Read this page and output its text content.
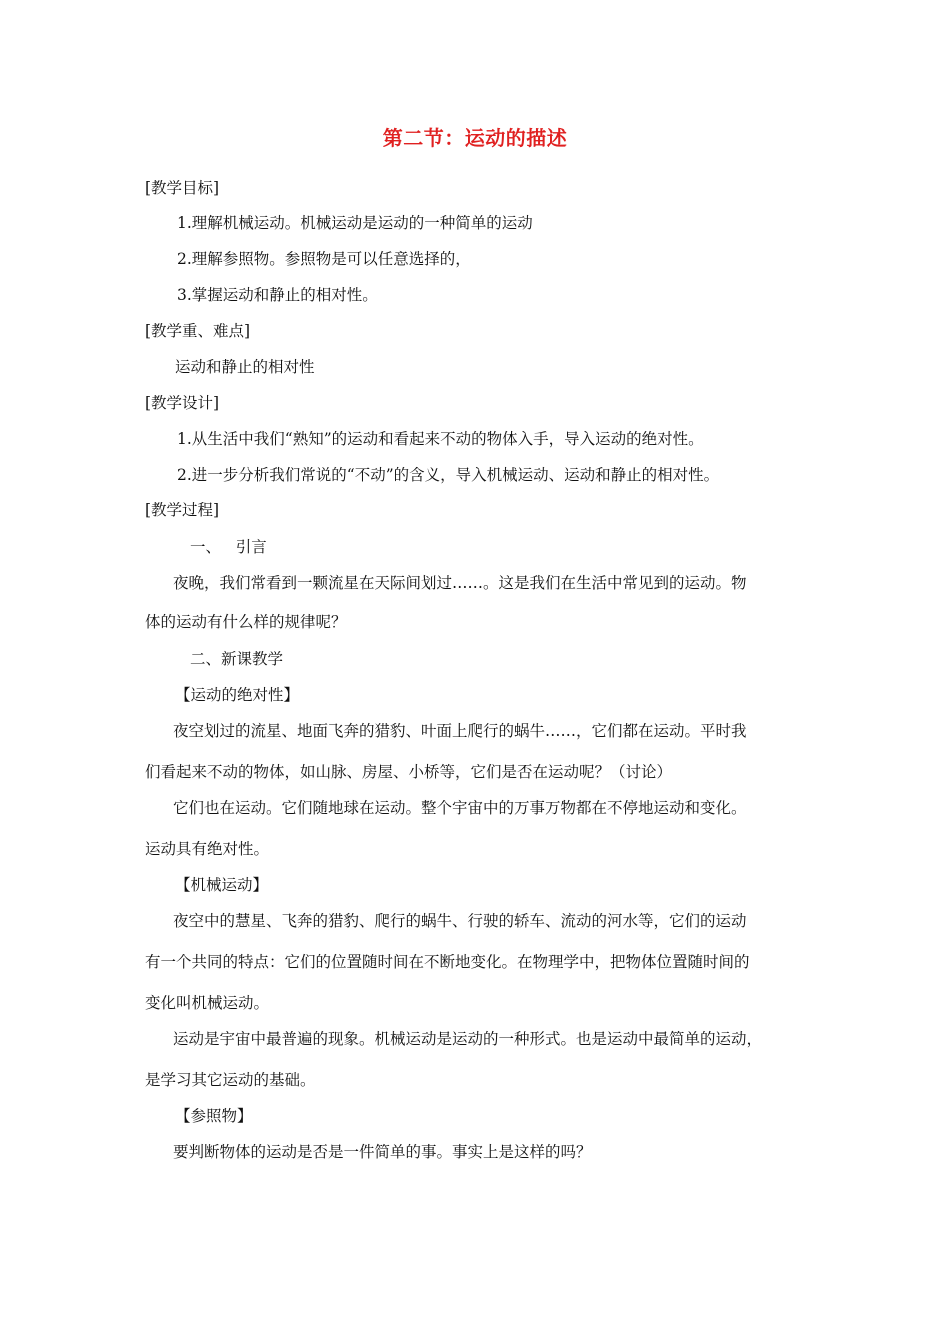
第二节：运动的描述
[教学目标]
1.理解机械运动。机械运动是运动的一种简单的运动
2.理解参照物。参照物是可以任意选择的，
3.掌握运动和静止的相对性。
[教学重、难点]
运动和静止的相对性
[教学设计]
1.从生活中我们“熟知”的运动和看起来不动的物体入手，导入运动的绝对性。
2.进一步分析我们常说的“不动”的含义，导入机械运动、运动和静止的相对性。
[教学过程]
一、   引言
夜晚，我们常看到一颗流星在天际间划过……。这是我们在生活中常见到的运动。物
体的运动有什么样的规律呢？
二、新课教学
【运动的绝对性】
夜空划过的流星、地面飞奔的猎豹、叶面上爬行的蜗牛……，它们都在运动。平时我
们看起来不动的物体，如山脉、房屋、小桥等，它们是否在运动呢？（讨论）
它们也在运动。它们随地球在运动。整个宇宙中的万事万物都在不停地运动和变化。
运动具有绝对性。
【机械运动】
夜空中的慧星、飞奔的猎豹、爬行的蜗牛、行驶的轿车、流动的河水等，它们的运动
有一个共同的特点：它们的位置随时间在不断地变化。在物理学中，把物体位置随时间的
变化叫机械运动。
运动是宇宙中最普遍的现象。机械运动是运动的一种形式。也是运动中最简单的运动，
是学习其它运动的基础。
【参照物】
要判断物体的运动是否是一件简单的事。事实上是这样的吗？
